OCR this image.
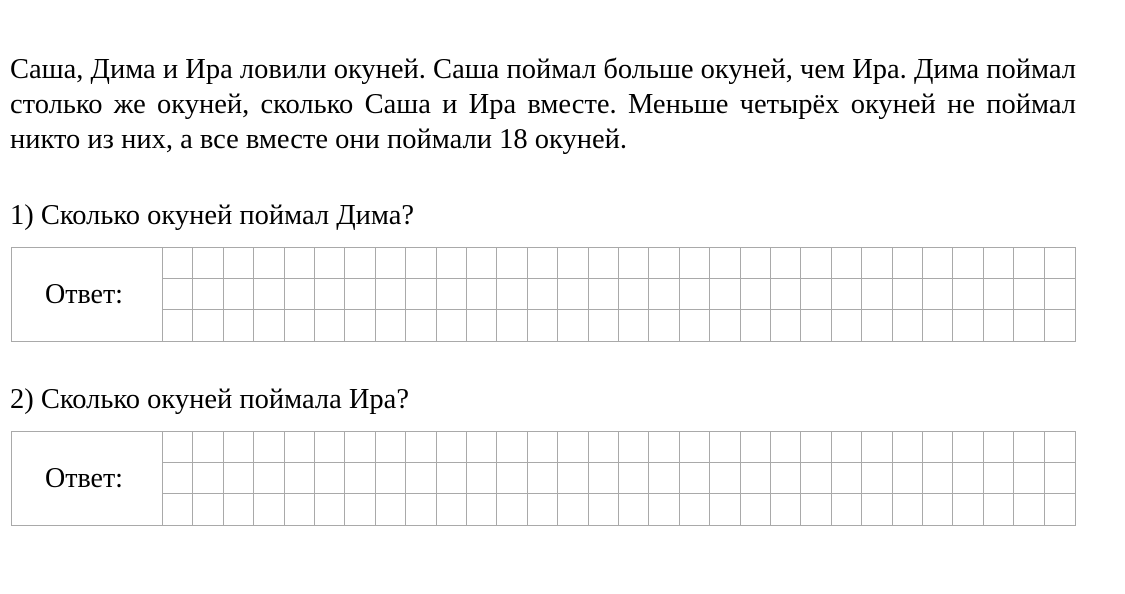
Саша, Дима и Ира ловили окуней. Саша поймал больше окуней, чем Ира. Дима поймал столько же окуней, сколько Саша и Ира вместе. Меньше четырёх окуней не поймал никто из них, а все вместе они поймали 18 окуней.

1) Сколько окуней поймал Дима?

Ответ:

2) Сколько окуней поймала Ира?

Ответ:
